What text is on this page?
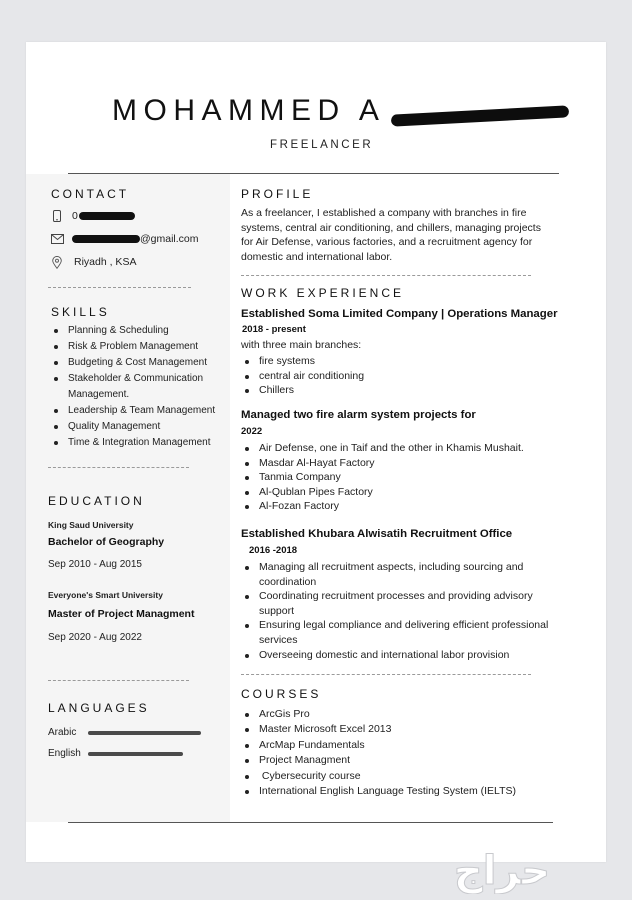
MOHAMMED A
FREELANCER
CONTACT
0
@gmail.com
Riyadh , KSA
SKILLS
Planning & Scheduling
Risk & Problem Management
Budgeting & Cost Management
Stakeholder & Communication
Management.
Leadership & Team Management
Quality Management
Time & Integration Management
EDUCATION
King Saud University
Bachelor of Geography
Sep 2010 - Aug 2015
Everyone's Smart University
Master of Project Managment
Sep 2020 - Aug 2022
LANGUAGES
Arabic
English
PROFILE

As a freelancer, I established a company with branches in fire systems, central air conditioning, and chillers, managing projects for Air Defense, various factories, and a recruitment agency for domestic and international labor.

WORK EXPERIENCE
Established Soma Limited Company | Operations Manager
2018 - present
with three main branches:
fire systems
central air conditioning
Chillers
Managed two fire alarm system projects for
2022
Air Defense, one in Taif and the other in Khamis Mushait.
Masdar Al-Hayat Factory
Tanmia Company
Al-Qublan Pipes Factory
Al-Fozan Factory
Established Khubara Alwisatih Recruitment Office
2016 -2018
Managing all recruitment aspects, including sourcing and coordination
Coordinating recruitment processes and providing advisory support
Ensuring legal compliance and delivering efficient professional services
Overseeing domestic and international labor provision
COURSES
ArcGis Pro
Master Microsoft Excel 2013
ArcMap Fundamentals
Project Managment
Cybersecurity course
International English Language Testing System (IELTS)
حراج
